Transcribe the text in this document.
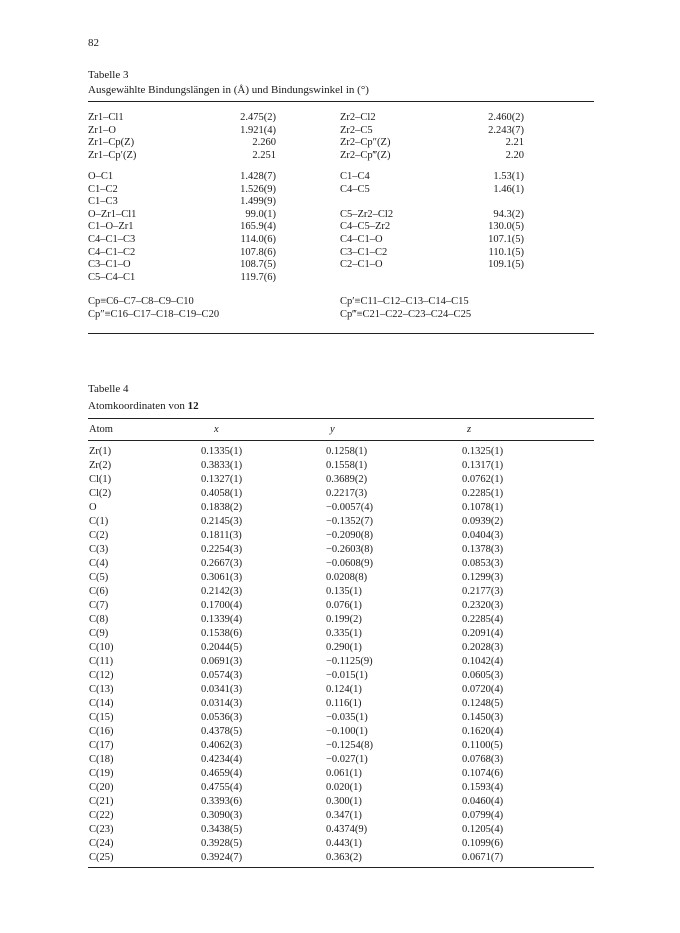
82
Tabelle 3
Ausgewählte Bindungslängen in (Å) und Bindungswinkel in (°)
Zr1–Cl1	2.475(2)	Zr2–Cl2	2.460(2)
Zr1–O	1.921(4)	Zr2–C5	2.243(7)
Zr1–Cp(Z)	2.260	Zr2–Cp″(Z)	2.21
Zr1–Cp′(Z)	2.251	Zr2–Cp‴(Z)	2.20
O–C1	1.428(7)	C1–C4	1.53(1)
C1–C2	1.526(9)	C4–C5	1.46(1)
C1–C3	1.499(9)
O–Zr1–Cl1	99.0(1)	C5–Zr2–Cl2	94.3(2)
C1–O–Zr1	165.9(4)	C4–C5–Zr2	130.0(5)
C4–C1–C3	114.0(6)	C4–C1–O	107.1(5)
C4–C1–C2	107.8(6)	C3–C1–C2	110.1(5)
C3–C1–O	108.7(5)	C2–C1–O	109.1(5)
C5–C4–C1	119.7(6)
Cp≡C6–C7–C8–C9–C10	Cp′≡C11–C12–C13–C14–C15
Cp″≡C16–C17–C18–C19–C20	Cp‴≡C21–C22–C23–C24–C25
Tabelle 4
Atomkoordinaten von 12
Atom	x	y	z
Zr(1)	0.1335(1)	0.1258(1)	0.1325(1)
Zr(2)	0.3833(1)	0.1558(1)	0.1317(1)
Cl(1)	0.1327(1)	0.3689(2)	0.0762(1)
Cl(2)	0.4058(1)	0.2217(3)	0.2285(1)
O	0.1838(2)	−0.0057(4)	0.1078(1)
C(1)	0.2145(3)	−0.1352(7)	0.0939(2)
C(2)	0.1811(3)	−0.2090(8)	0.0404(3)
C(3)	0.2254(3)	−0.2603(8)	0.1378(3)
C(4)	0.2667(3)	−0.0608(9)	0.0853(3)
C(5)	0.3061(3)	0.0208(8)	0.1299(3)
C(6)	0.2142(3)	0.135(1)	0.2177(3)
C(7)	0.1700(4)	0.076(1)	0.2320(3)
C(8)	0.1339(4)	0.199(2)	0.2285(4)
C(9)	0.1538(6)	0.335(1)	0.2091(4)
C(10)	0.2044(5)	0.290(1)	0.2028(3)
C(11)	0.0691(3)	−0.1125(9)	0.1042(4)
C(12)	0.0574(3)	−0.015(1)	0.0605(3)
C(13)	0.0341(3)	0.124(1)	0.0720(4)
C(14)	0.0314(3)	0.116(1)	0.1248(5)
C(15)	0.0536(3)	−0.035(1)	0.1450(3)
C(16)	0.4378(5)	−0.100(1)	0.1620(4)
C(17)	0.4062(3)	−0.1254(8)	0.1100(5)
C(18)	0.4234(4)	−0.027(1)	0.0768(3)
C(19)	0.4659(4)	0.061(1)	0.1074(6)
C(20)	0.4755(4)	0.020(1)	0.1593(4)
C(21)	0.3393(6)	0.300(1)	0.0460(4)
C(22)	0.3090(3)	0.347(1)	0.0799(4)
C(23)	0.3438(5)	0.4374(9)	0.1205(4)
C(24)	0.3928(5)	0.443(1)	0.1099(6)
C(25)	0.3924(7)	0.363(2)	0.0671(7)
